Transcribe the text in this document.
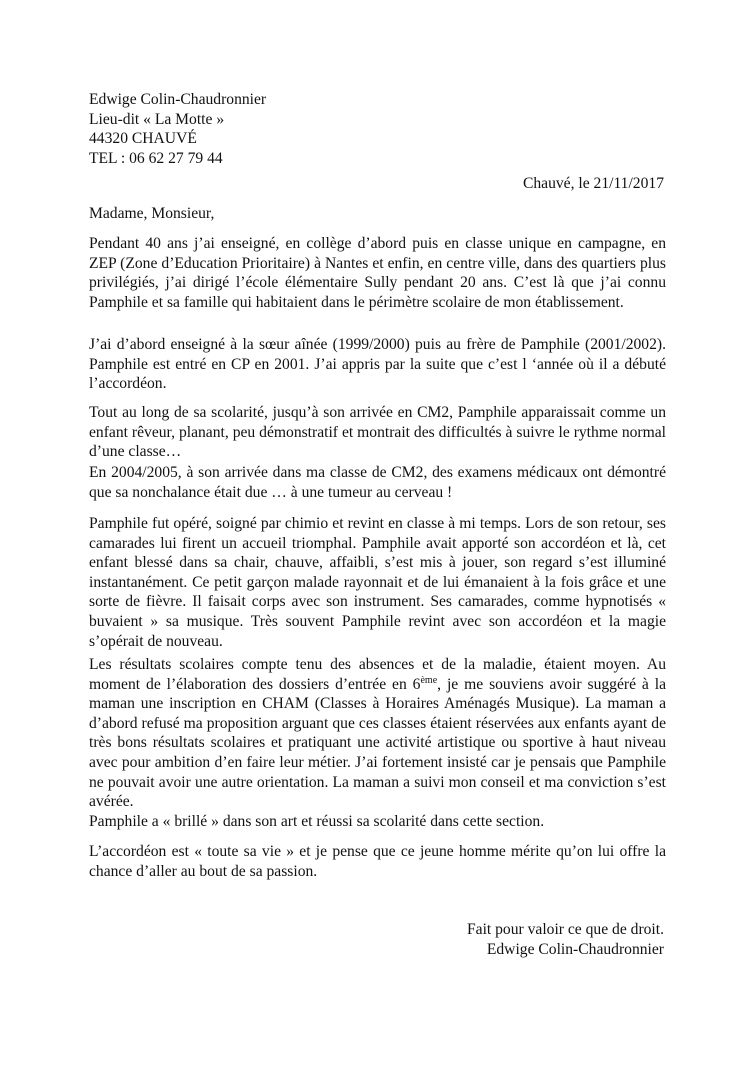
Edwige Colin-Chaudronnier
Lieu-dit « La Motte »
44320 CHAUVÉ
TEL : 06 62 27 79 44
Chauvé, le 21/11/2017
Madame, Monsieur,

Pendant 40 ans j’ai enseigné, en collège d’abord puis en classe unique en campagne, en ZEP (Zone d’Education Prioritaire) à Nantes et enfin, en centre ville, dans des quartiers plus privilégiés, j’ai dirigé l’école élémentaire Sully pendant 20 ans. C’est là que j’ai connu Pamphile et sa famille qui habitaient dans le périmètre scolaire de mon établissement.

J’ai d’abord enseigné à la sœur aînée (1999/2000) puis au frère de Pamphile (2001/2002). Pamphile est entré en CP en 2001. J’ai appris par la suite que c’est l ‘année où il a débuté l’accordéon.

Tout au long de sa scolarité, jusqu’à son arrivée en CM2, Pamphile apparaissait comme un enfant rêveur, planant, peu démonstratif et montrait des difficultés à suivre le rythme normal d’une classe…

En 2004/2005, à son arrivée dans ma classe de CM2, des examens médicaux ont démontré que sa nonchalance était due … à une tumeur au cerveau !

Pamphile fut opéré, soigné par chimio et revint en classe à mi temps. Lors de son retour, ses camarades lui firent un accueil triomphal. Pamphile avait apporté son accordéon et là, cet enfant blessé dans sa chair, chauve, affaibli, s’est mis à jouer, son regard s’est illuminé instantanément. Ce petit garçon malade rayonnait et de lui émanaient à la fois grâce et une sorte de fièvre. Il faisait corps avec son instrument. Ses camarades, comme hypnotisés « buvaient » sa musique. Très souvent Pamphile revint avec son accordéon et la magie s’opérait de nouveau.

Les résultats scolaires compte tenu des absences et de la maladie, étaient moyen. Au moment de l’élaboration des dossiers d’entrée en 6ème, je me souviens avoir suggéré à la maman une inscription en CHAM (Classes à Horaires Aménagés Musique). La maman a d’abord refusé ma proposition arguant que ces classes étaient réservées aux enfants ayant de très bons résultats scolaires et pratiquant une activité artistique ou sportive à haut niveau avec pour ambition d’en faire leur métier. J’ai fortement insisté car je pensais que Pamphile ne pouvait avoir une autre orientation. La maman a suivi mon conseil et ma conviction s’est avérée.

Pamphile a « brillé » dans son art et réussi sa scolarité dans cette section.

L’accordéon est « toute sa vie » et je pense que ce jeune homme mérite qu’on lui offre la chance d’aller au bout de sa passion.

Fait pour valoir ce que de droit.
Edwige Colin-Chaudronnier
